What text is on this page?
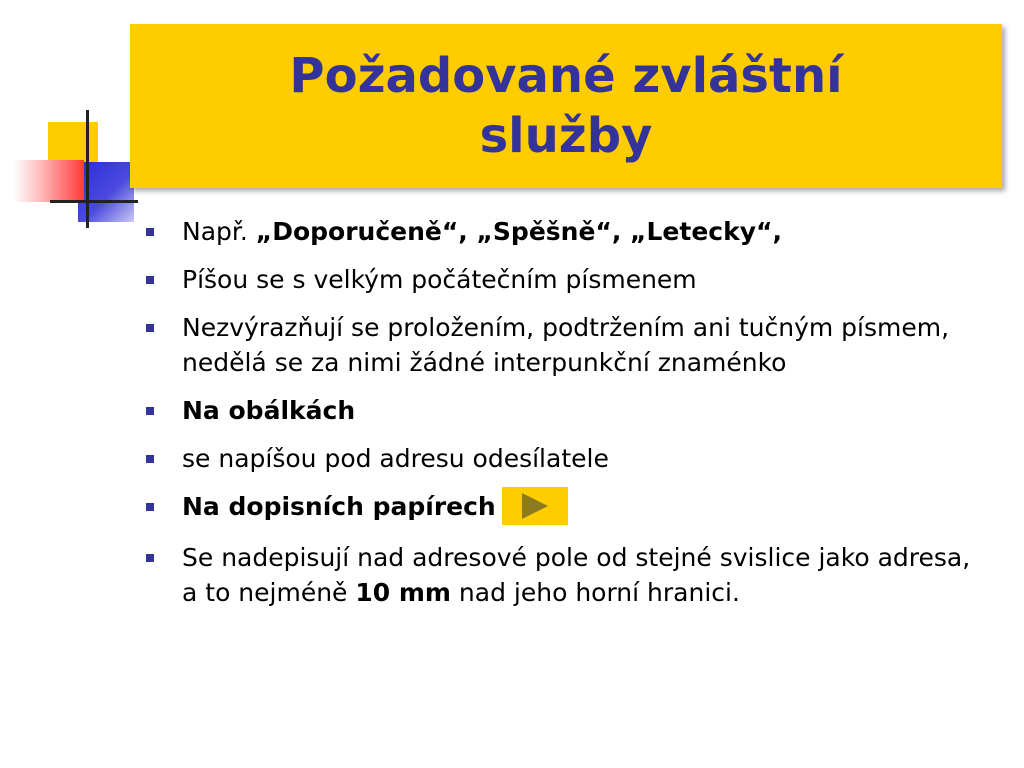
Požadované zvláštní služby
Např. „Doporučeně“, „Spěšně“, „Letecky“,
Píšou se s velkým počátečním písmenem
Nezvýrazňují se proložením, podtržením ani tučným písmem, nedělá se za nimi žádné interpunkční znaménko
Na obálkách
se napíšou pod adresu odesílatele
Na dopisních papírech
Se nadepisují nad adresové pole od stejné svislice jako adresa, a to nejméně 10 mm nad jeho horní hranici.
